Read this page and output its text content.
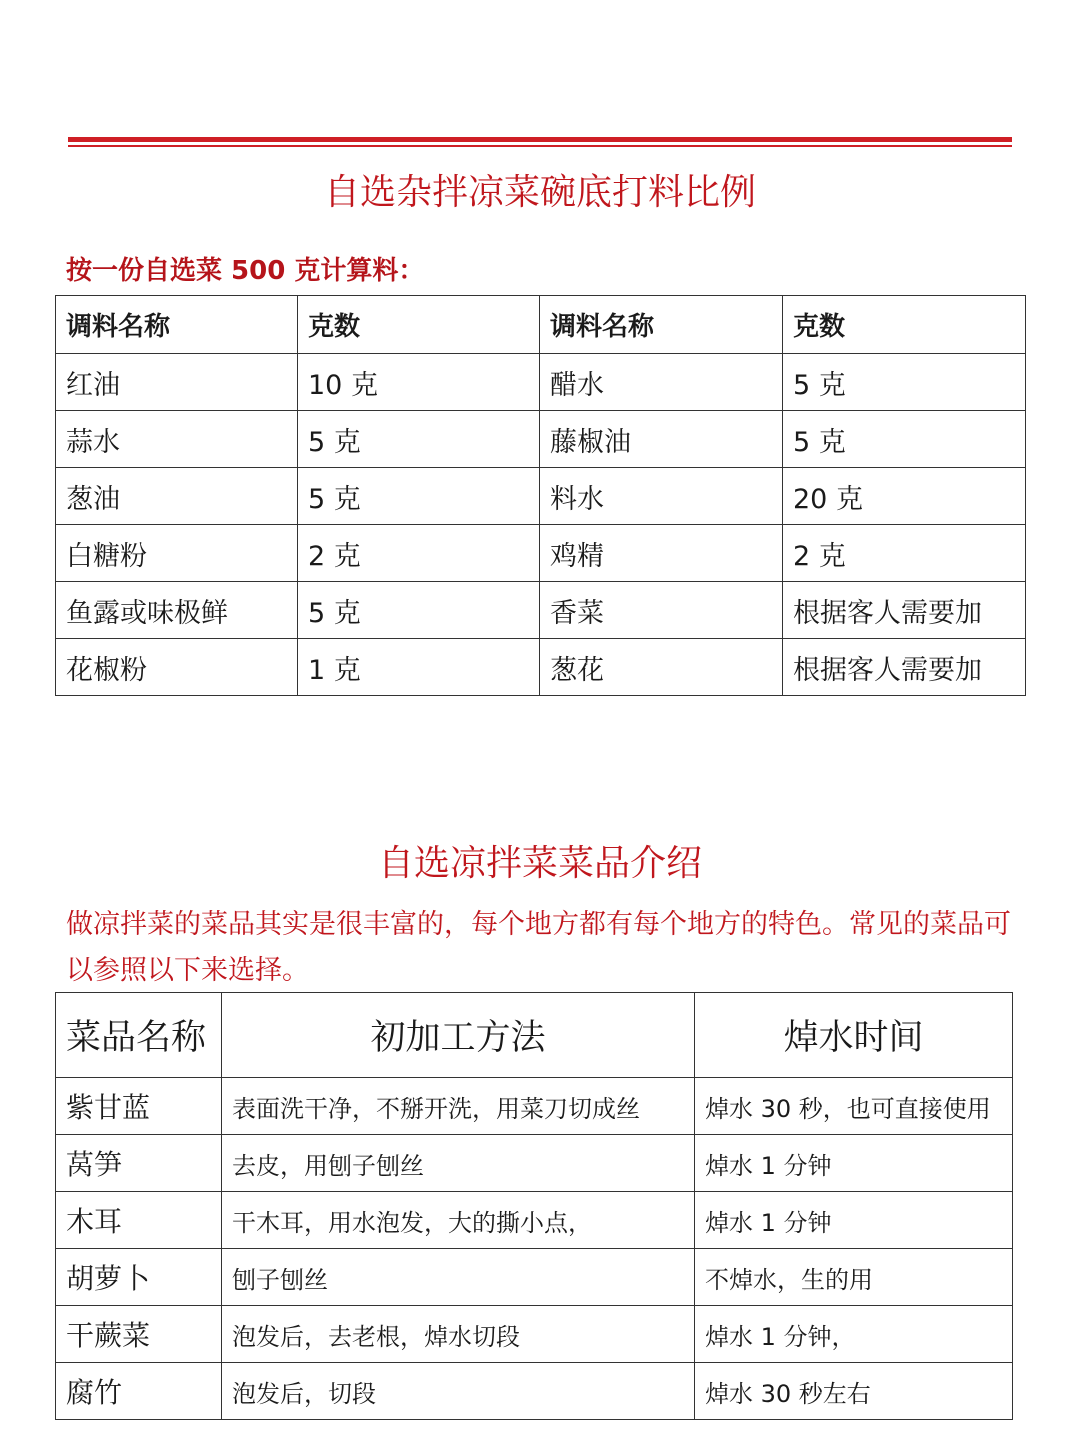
自选杂拌凉菜碗底打料比例
按一份自选菜 500 克计算料：
调料名称	克数	调料名称	克数
红油	10 克	醋水	5 克
蒜水	5 克	藤椒油	5 克
葱油	5 克	料水	20 克
白糖粉	2 克	鸡精	2 克
鱼露或味极鲜	5 克	香菜	根据客人需要加
花椒粉	1 克	葱花	根据客人需要加
自选凉拌菜菜品介绍
做凉拌菜的菜品其实是很丰富的，每个地方都有每个地方的特色。常见的菜品可以参照以下来选择。
菜品名称	初加工方法	焯水时间
紫甘蓝	表面洗干净，不掰开洗，用菜刀切成丝	焯水 30 秒，也可直接使用
莴笋	去皮，用刨子刨丝	焯水 1 分钟
木耳	干木耳，用水泡发，大的撕小点，	焯水 1 分钟
胡萝卜	刨子刨丝	不焯水，生的用
干蕨菜	泡发后，去老根，焯水切段	焯水 1 分钟，
腐竹	泡发后，切段	焯水 30 秒左右
